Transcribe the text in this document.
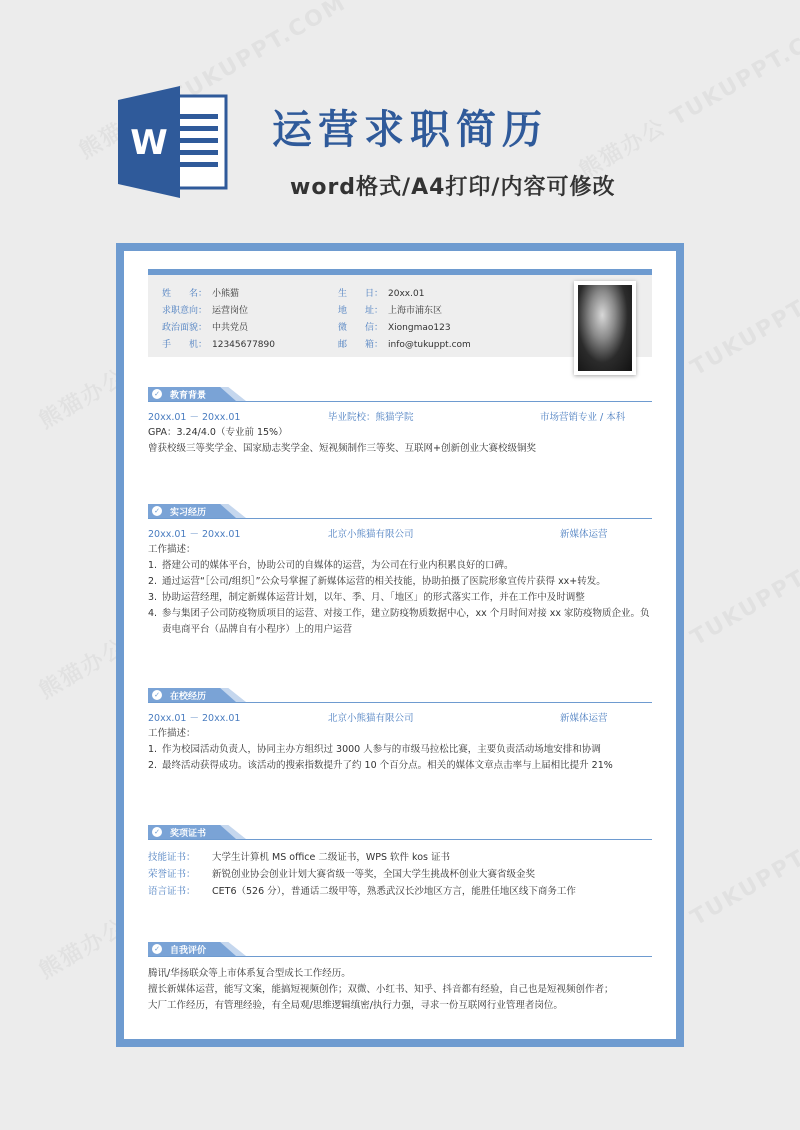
W	运营求职简历
word格式/A4打印/内容可修改
姓　　名： 小熊猫
求职意向： 运营岗位
政治面貌： 中共党员
手　　机： 12345677890
生　　日： 20xx.01
地　　址： 上海市浦东区
微　　信： Xiongmao123
邮　　箱： info@tukuppt.com
✓ 教育背景
20xx.01 － 20xx.01	毕业院校：熊猫学院	市场营销专业 / 本科
GPA：3.24/4.0（专业前 15%）
曾获校级三等奖学金、国家励志奖学金、短视频制作三等奖、互联网+创新创业大赛校级铜奖
✓ 实习经历
20xx.01 － 20xx.01	北京小熊猫有限公司	新媒体运营
工作描述：
1. 搭建公司的媒体平台，协助公司的自媒体的运营，为公司在行业内积累良好的口碑。
2. 通过运营“［公司/组织］”公众号掌握了新媒体运营的相关技能，协助拍摄了医院形象宣传片获得 xx+转发。
3. 协助运营经理，制定新媒体运营计划，以年、季、月、「地区」的形式落实工作，并在工作中及时调整
4. 参与集团子公司防疫物质项目的运营、对接工作，建立防疫物质数据中心，xx 个月时间对接 xx 家防疫物质企业。负责电商平台（品牌自有小程序）上的用户运营
✓ 在校经历
20xx.01 － 20xx.01	北京小熊猫有限公司	新媒体运营
工作描述：
1. 作为校园活动负责人，协同主办方组织过 3000 人参与的市级马拉松比赛，主要负责活动场地安排和协调
2. 最终活动获得成功。该活动的搜索指数提升了约 10 个百分点。相关的媒体文章点击率与上届相比提升 21%
✓ 奖项证书
技能证书： 大学生计算机 MS office 二级证书，WPS 软件 kos 证书
荣誉证书： 新锐创业协会创业计划大赛省级一等奖，全国大学生挑战杯创业大赛省级金奖
语言证书： CET6（526 分），普通话二级甲等，熟悉武汉长沙地区方言，能胜任地区线下商务工作
✓ 自我评价
腾讯/华扬联众等上市体系复合型成长工作经历。
擅长新媒体运营，能写文案，能搞短视频创作；双微、小红书、知乎、抖音都有经验，自己也是短视频创作者；
大厂工作经历，有管理经验，有全局观/思维逻辑缜密/执行力强，寻求一份互联网行业管理者岗位。
